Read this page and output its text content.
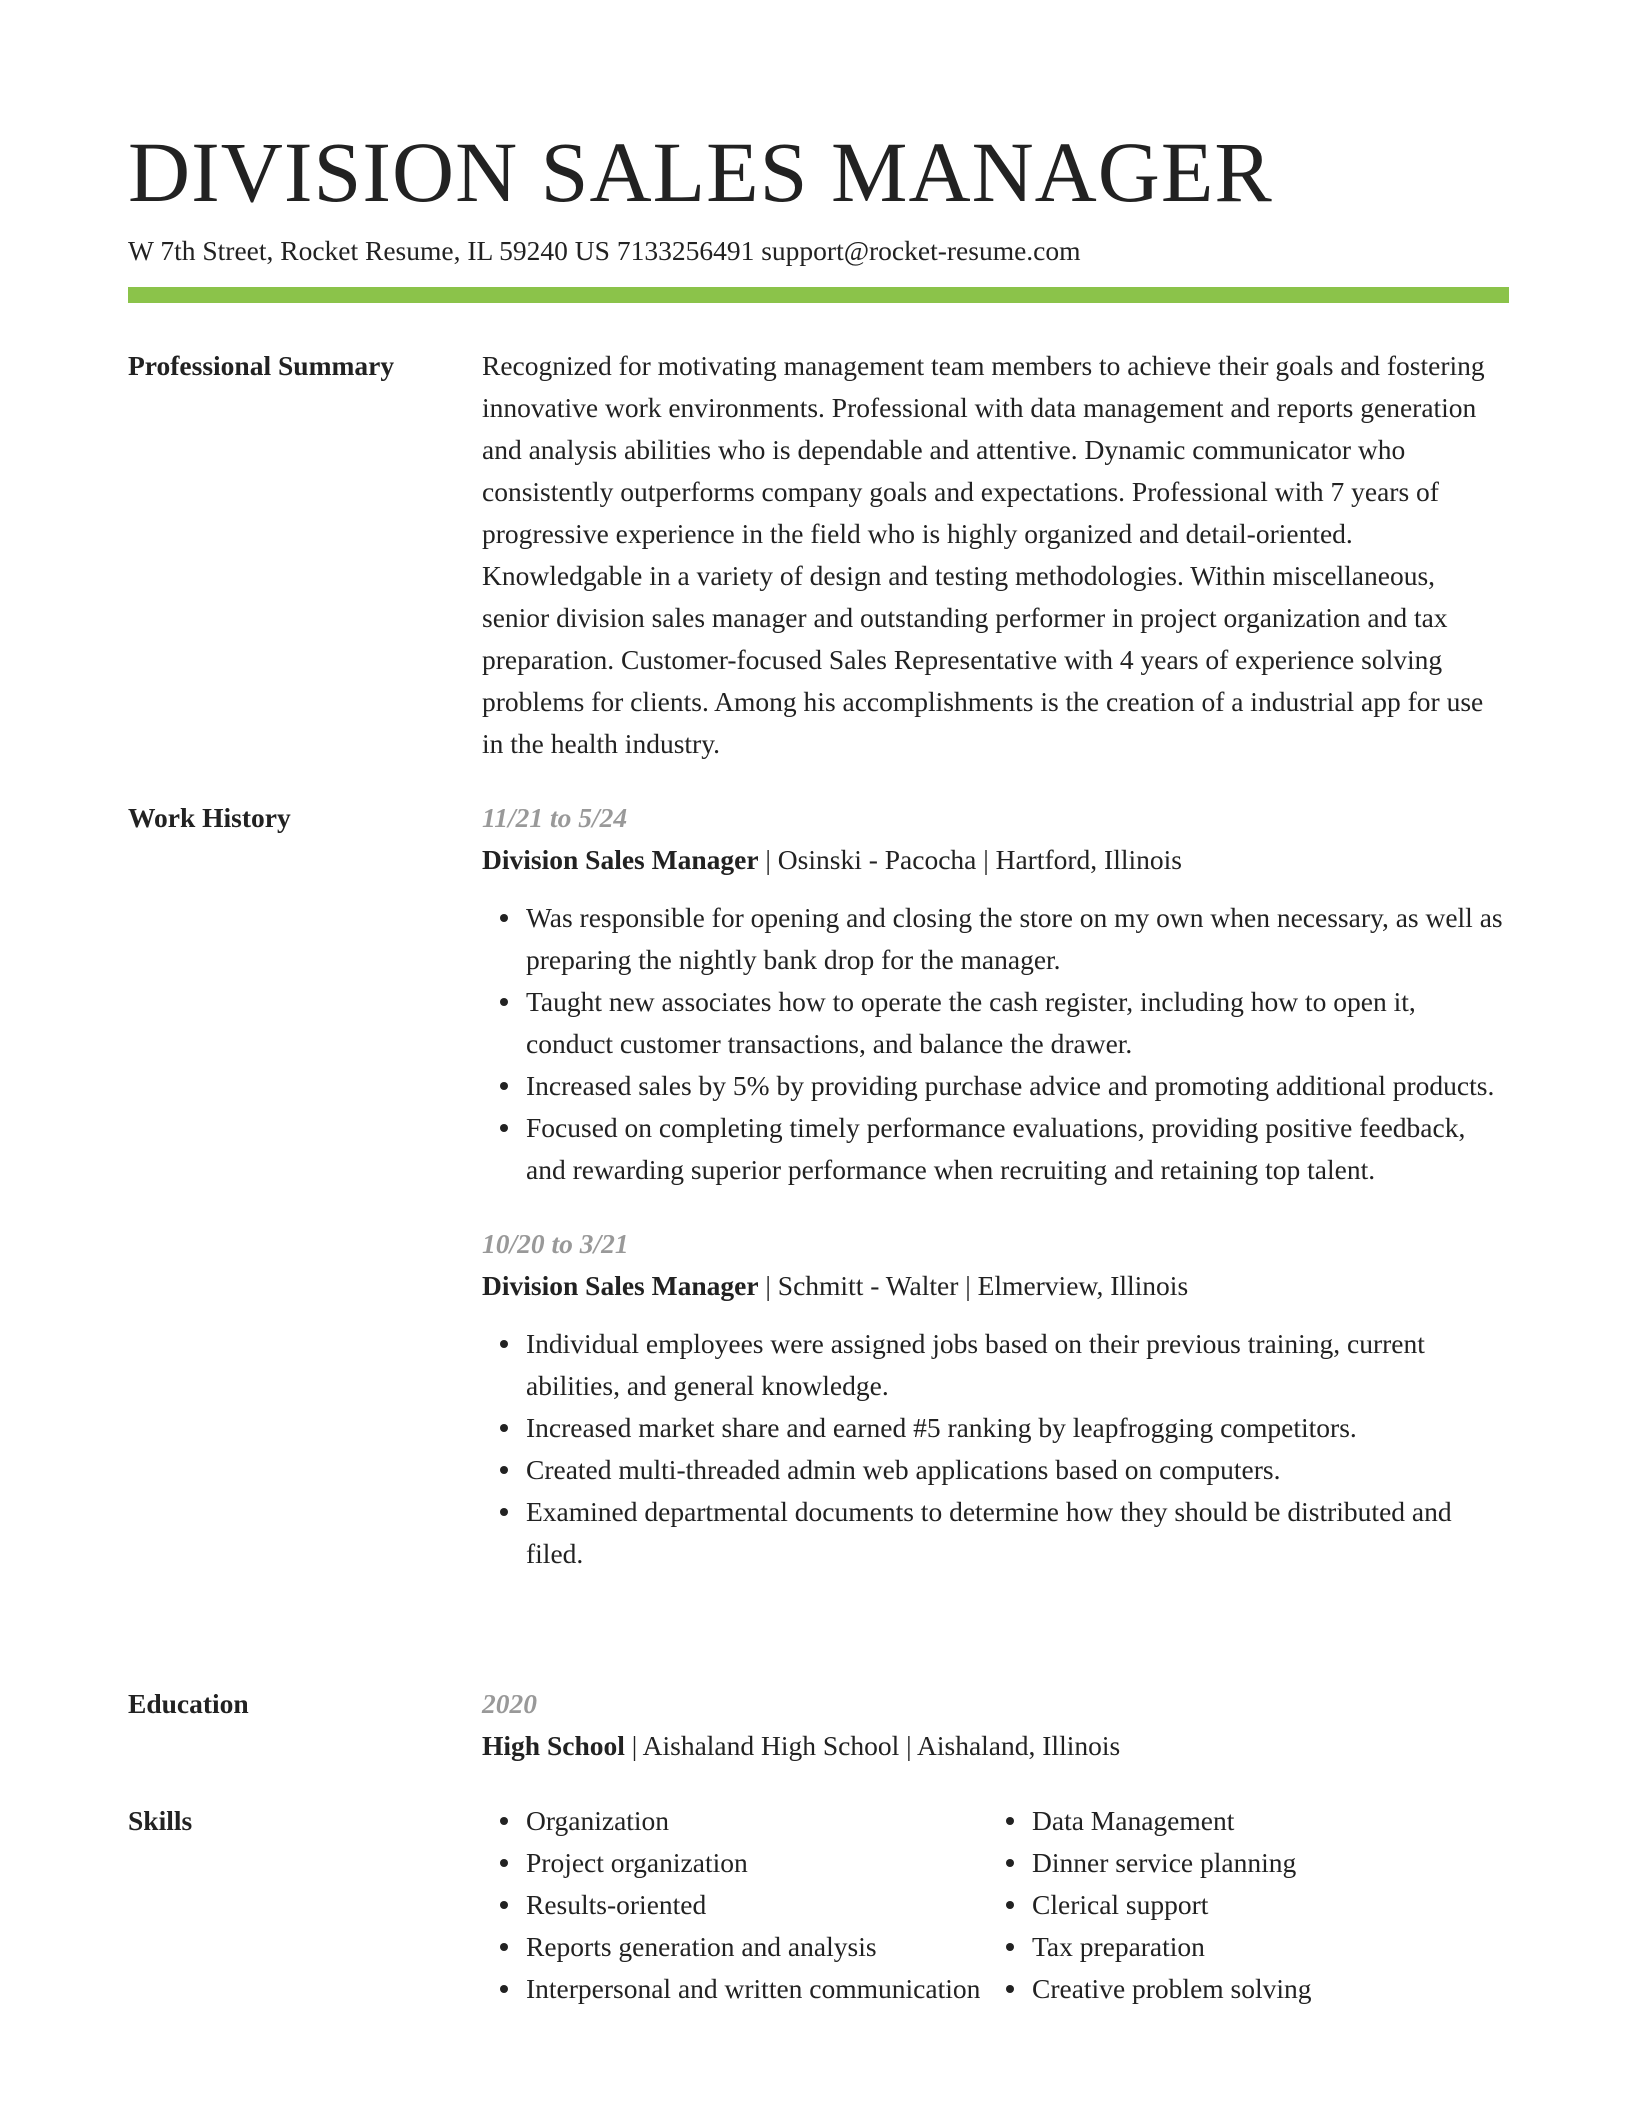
DIVISION SALES MANAGER
W 7th Street, Rocket Resume, IL 59240 US 7133256491 support@rocket-resume.com
Professional Summary	Recognized for motivating management team members to achieve their goals and fostering innovative work environments. Professional with data management and reports generation and analysis abilities who is dependable and attentive. Dynamic communicator who consistently outperforms company goals and expectations. Professional with 7 years of progressive experience in the field who is highly organized and detail-oriented. Knowledgable in a variety of design and testing methodologies. Within miscellaneous, senior division sales manager and outstanding performer in project organization and tax preparation. Customer-focused Sales Representative with 4 years of experience solving problems for clients. Among his accomplishments is the creation of a industrial app for use in the health industry.

Work History	11/21 to 5/24
Division Sales Manager | Osinski - Pacocha | Hartford, Illinois
Was responsible for opening and closing the store on my own when necessary, as well as preparing the nightly bank drop for the manager.
Taught new associates how to operate the cash register, including how to open it, conduct customer transactions, and balance the drawer.
Increased sales by 5% by providing purchase advice and promoting additional products.
Focused on completing timely performance evaluations, providing positive feedback, and rewarding superior performance when recruiting and retaining top talent.
10/20 to 3/21
Division Sales Manager | Schmitt - Walter | Elmerview, Illinois
Individual employees were assigned jobs based on their previous training, current abilities, and general knowledge.
Increased market share and earned #5 ranking by leapfrogging competitors.
Created multi-threaded admin web applications based on computers.
Examined departmental documents to determine how they should be distributed and filed.
Education	2020
High School | Aishaland High School | Aishaland, Illinois
Skills	Organization
Project organization
Results-oriented
Reports generation and analysis
Interpersonal and written communication
Data Management
Dinner service planning
Clerical support
Tax preparation
Creative problem solving
